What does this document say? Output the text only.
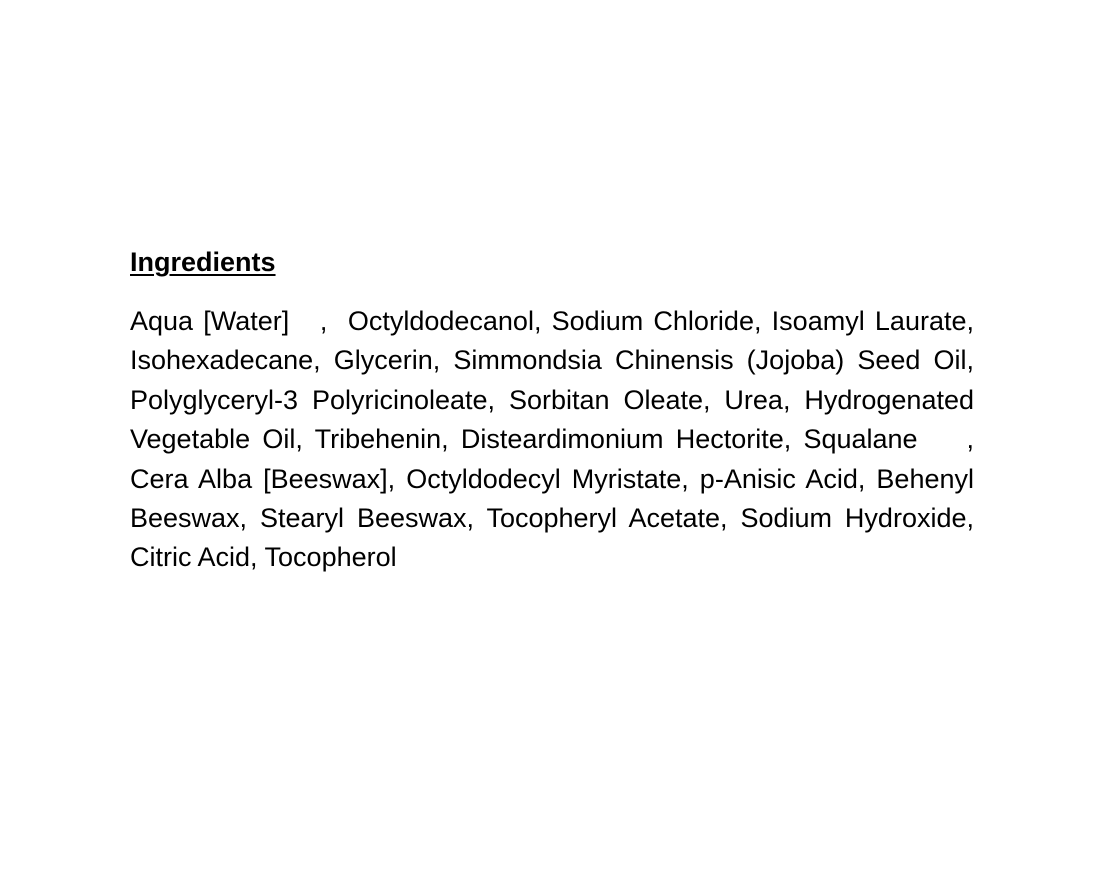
Ingredients

Aqua [Water]   ,  Octyldodecanol, Sodium Chloride, Isoamyl Laurate, Isohexadecane, Glycerin, Simmondsia Chinensis (Jojoba) Seed Oil, Polyglyceryl-3 Polyricinoleate, Sorbitan Oleate, Urea, Hydrogenated Vegetable Oil, Tribehenin, Disteardimonium Hectorite, Squalane    , Cera Alba [Beeswax], Octyldodecyl Myristate, p-Anisic Acid, Behenyl Beeswax, Stearyl Beeswax, Tocopheryl Acetate, Sodium Hydroxide, Citric Acid, Tocopherol
